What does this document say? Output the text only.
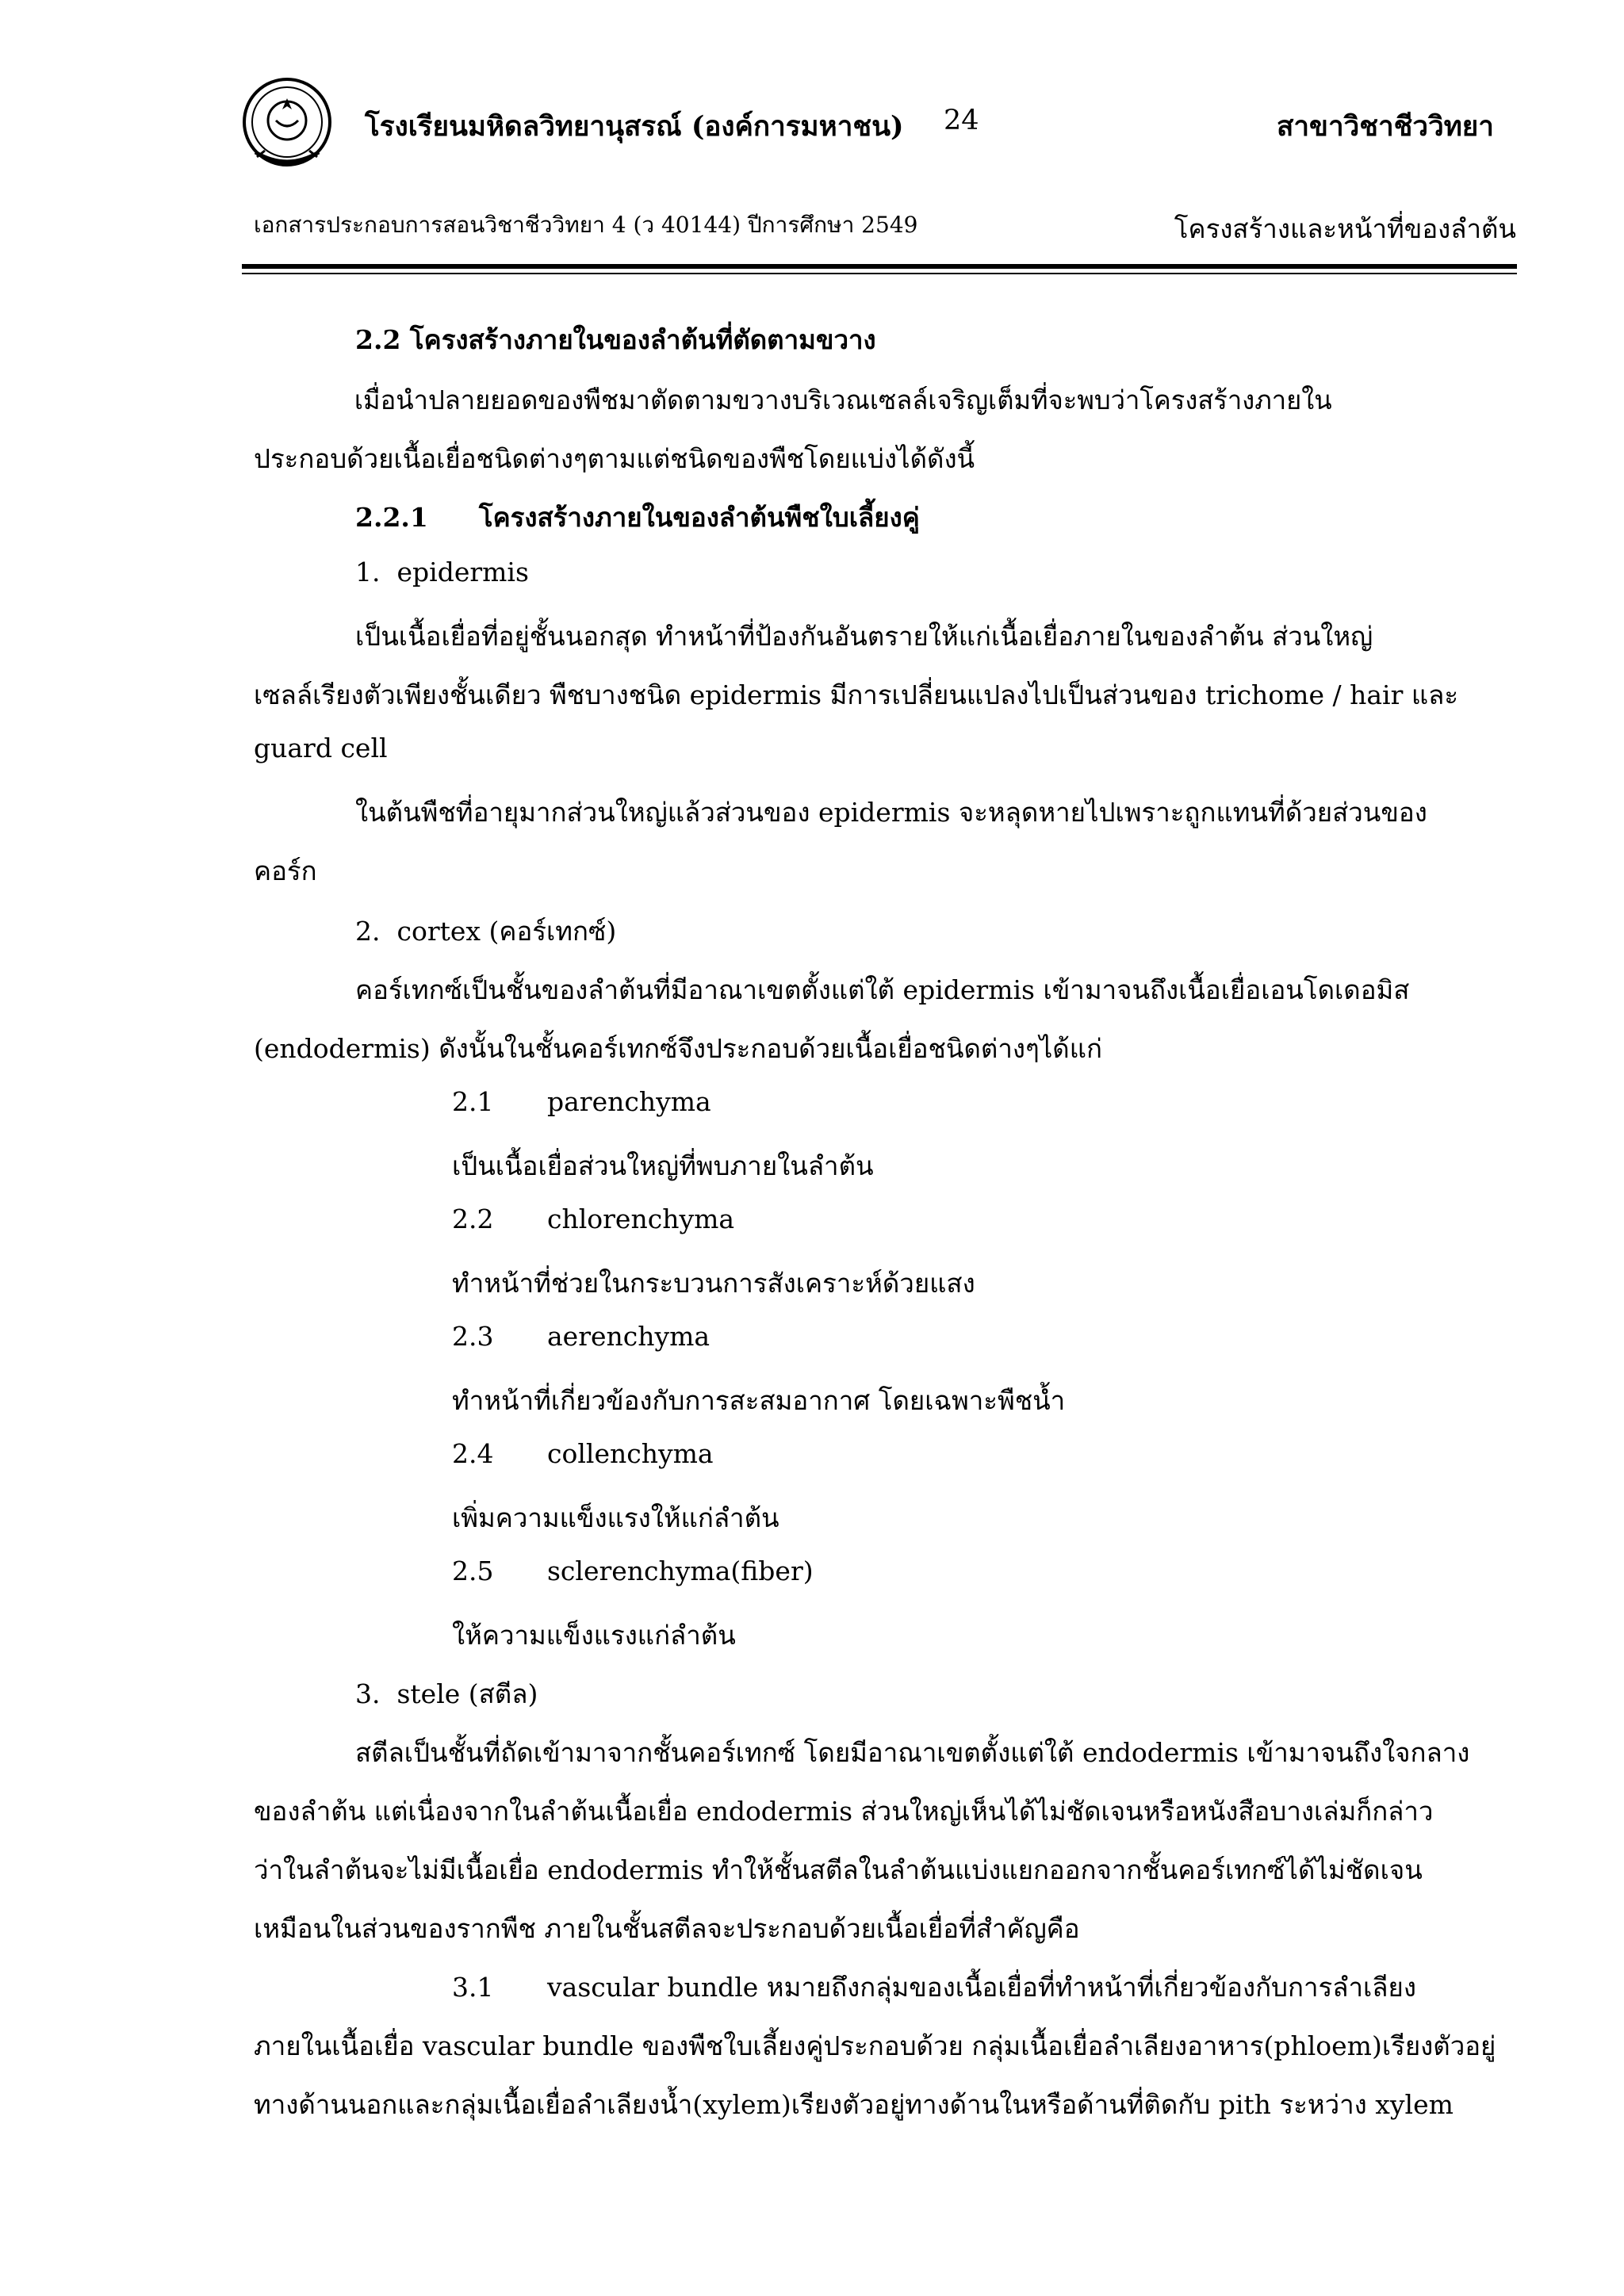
โรงเรียนมหิดลวิทยานุสรณ์ (องค์การมหาชน) 24	สาขาวิชาชีววิทยา
เอกสารประกอบการสอนวิชาชีววิทยา 4 (ว 40144) ปีการศึกษา 2549	โครงสร้างและหน้าที่ของลำต้น
2.2 โครงสร้างภายในของลำต้นที่ตัดตามขวาง
เมื่อนำปลายยอดของพืชมาตัดตามขวางบริเวณเซลล์เจริญเต็มที่จะพบว่าโครงสร้างภายใน
ประกอบด้วยเนื้อเยื่อชนิดต่างๆตามแต่ชนิดของพืชโดยแบ่งได้ดังนี้
2.2.1 โครงสร้างภายในของลำต้นพืชใบเลี้ยงคู่
1. epidermis
เป็นเนื้อเยื่อที่อยู่ชั้นนอกสุด ทำหน้าที่ป้องกันอันตรายให้แก่เนื้อเยื่อภายในของลำต้น ส่วนใหญ่
เซลล์เรียงตัวเพียงชั้นเดียว พืชบางชนิด epidermis มีการเปลี่ยนแปลงไปเป็นส่วนของ trichome / hair และ
guard cell
ในต้นพืชที่อายุมากส่วนใหญ่แล้วส่วนของ epidermis จะหลุดหายไปเพราะถูกแทนที่ด้วยส่วนของ
คอร์ก
2. cortex (คอร์เทกซ์)
คอร์เทกซ์เป็นชั้นของลำต้นที่มีอาณาเขตตั้งแต่ใต้ epidermis เข้ามาจนถึงเนื้อเยื่อเอนโดเดอมิส
(endodermis) ดังนั้นในชั้นคอร์เทกซ์จึงประกอบด้วยเนื้อเยื่อชนิดต่างๆได้แก่
2.1 parenchyma
เป็นเนื้อเยื่อส่วนใหญ่ที่พบภายในลำต้น
2.2 chlorenchyma
ทำหน้าที่ช่วยในกระบวนการสังเคราะห์ด้วยแสง
2.3 aerenchyma
ทำหน้าที่เกี่ยวข้องกับการสะสมอากาศ โดยเฉพาะพืชน้ำ
2.4 collenchyma
เพิ่มความแข็งแรงให้แก่ลำต้น
2.5 sclerenchyma(fiber)
ให้ความแข็งแรงแก่ลำต้น
3. stele (สตีล)
สตีลเป็นชั้นที่ถัดเข้ามาจากชั้นคอร์เทกซ์ โดยมีอาณาเขตตั้งแต่ใต้ endodermis เข้ามาจนถึงใจกลาง
ของลำต้น แต่เนื่องจากในลำต้นเนื้อเยื่อ endodermis ส่วนใหญ่เห็นได้ไม่ชัดเจนหรือหนังสือบางเล่มก็กล่าว
ว่าในลำต้นจะไม่มีเนื้อเยื่อ endodermis ทำให้ชั้นสตีลในลำต้นแบ่งแยกออกจากชั้นคอร์เทกซ์ได้ไม่ชัดเจน
เหมือนในส่วนของรากพืช ภายในชั้นสตีลจะประกอบด้วยเนื้อเยื่อที่สำคัญคือ
3.1 vascular bundle หมายถึงกลุ่มของเนื้อเยื่อที่ทำหน้าที่เกี่ยวข้องกับการลำเลียง
ภายในเนื้อเยื่อ vascular bundle ของพืชใบเลี้ยงคู่ประกอบด้วย กลุ่มเนื้อเยื่อลำเลียงอาหาร(phloem)เรียงตัวอยู่
ทางด้านนอกและกลุ่มเนื้อเยื่อลำเลียงน้ำ(xylem)เรียงตัวอยู่ทางด้านในหรือด้านที่ติดกับ pith ระหว่าง xylem
